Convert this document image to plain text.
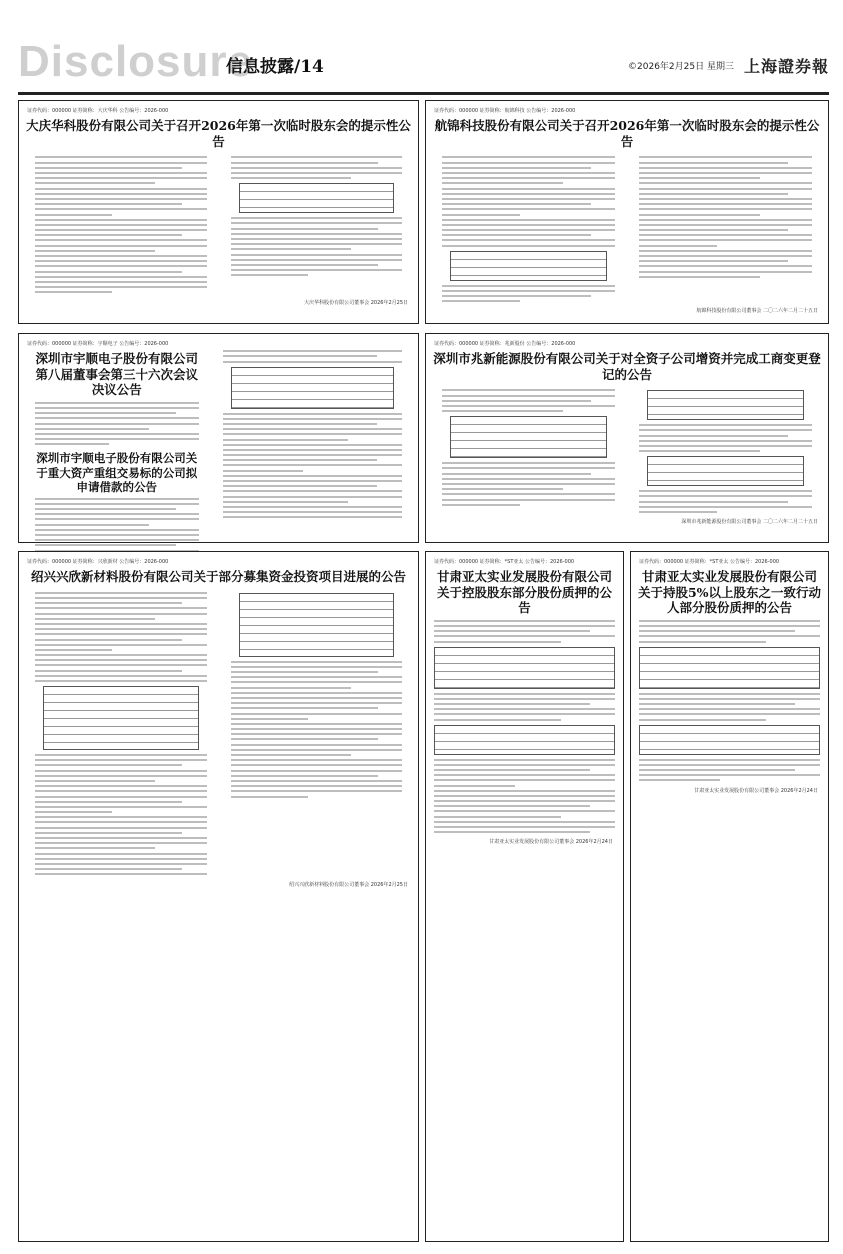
Disclosure
信息披露/14	©2026年2月25日 星期三 上海證券報
证券代码：000000 证券简称：大庆华科 公告编号：2026-000
大庆华科股份有限公司关于召开2026年第一次临时股东会的提示性公告
大庆华科股份有限公司董事会 2026年2月25日
证券代码：000000 证券简称：航锦科技 公告编号：2026-000
航锦科技股份有限公司关于召开2026年第一次临时股东会的提示性公告
航锦科技股份有限公司董事会 二〇二六年二月二十五日
证券代码：000000 证券简称：宇顺电子 公告编号：2026-000
深圳市宇顺电子股份有限公司第八届董事会第三十六次会议决议公告
深圳市宇顺电子股份有限公司关于重大资产重组交易标的公司拟申请借款的公告
证券代码：000000 证券简称：兆新股份 公告编号：2026-000
深圳市兆新能源股份有限公司关于对全资子公司增资并完成工商变更登记的公告
深圳市兆新能源股份有限公司董事会 二〇二六年二月二十五日
证券代码：000000 证券简称：兴欣新材 公告编号：2026-000
绍兴兴欣新材料股份有限公司关于部分募集资金投资项目进展的公告
绍兴兴欣新材料股份有限公司董事会 2026年2月25日
证券代码：000000 证券简称：*ST亚太 公告编号：2026-000
甘肃亚太实业发展股份有限公司关于控股股东部分股份质押的公告
甘肃亚太实业发展股份有限公司董事会 2026年2月24日
证券代码：000000 证券简称：*ST亚太 公告编号：2026-000
甘肃亚太实业发展股份有限公司关于持股5%以上股东之一致行动人部分股份质押的公告
甘肃亚太实业发展股份有限公司董事会 2026年2月24日
